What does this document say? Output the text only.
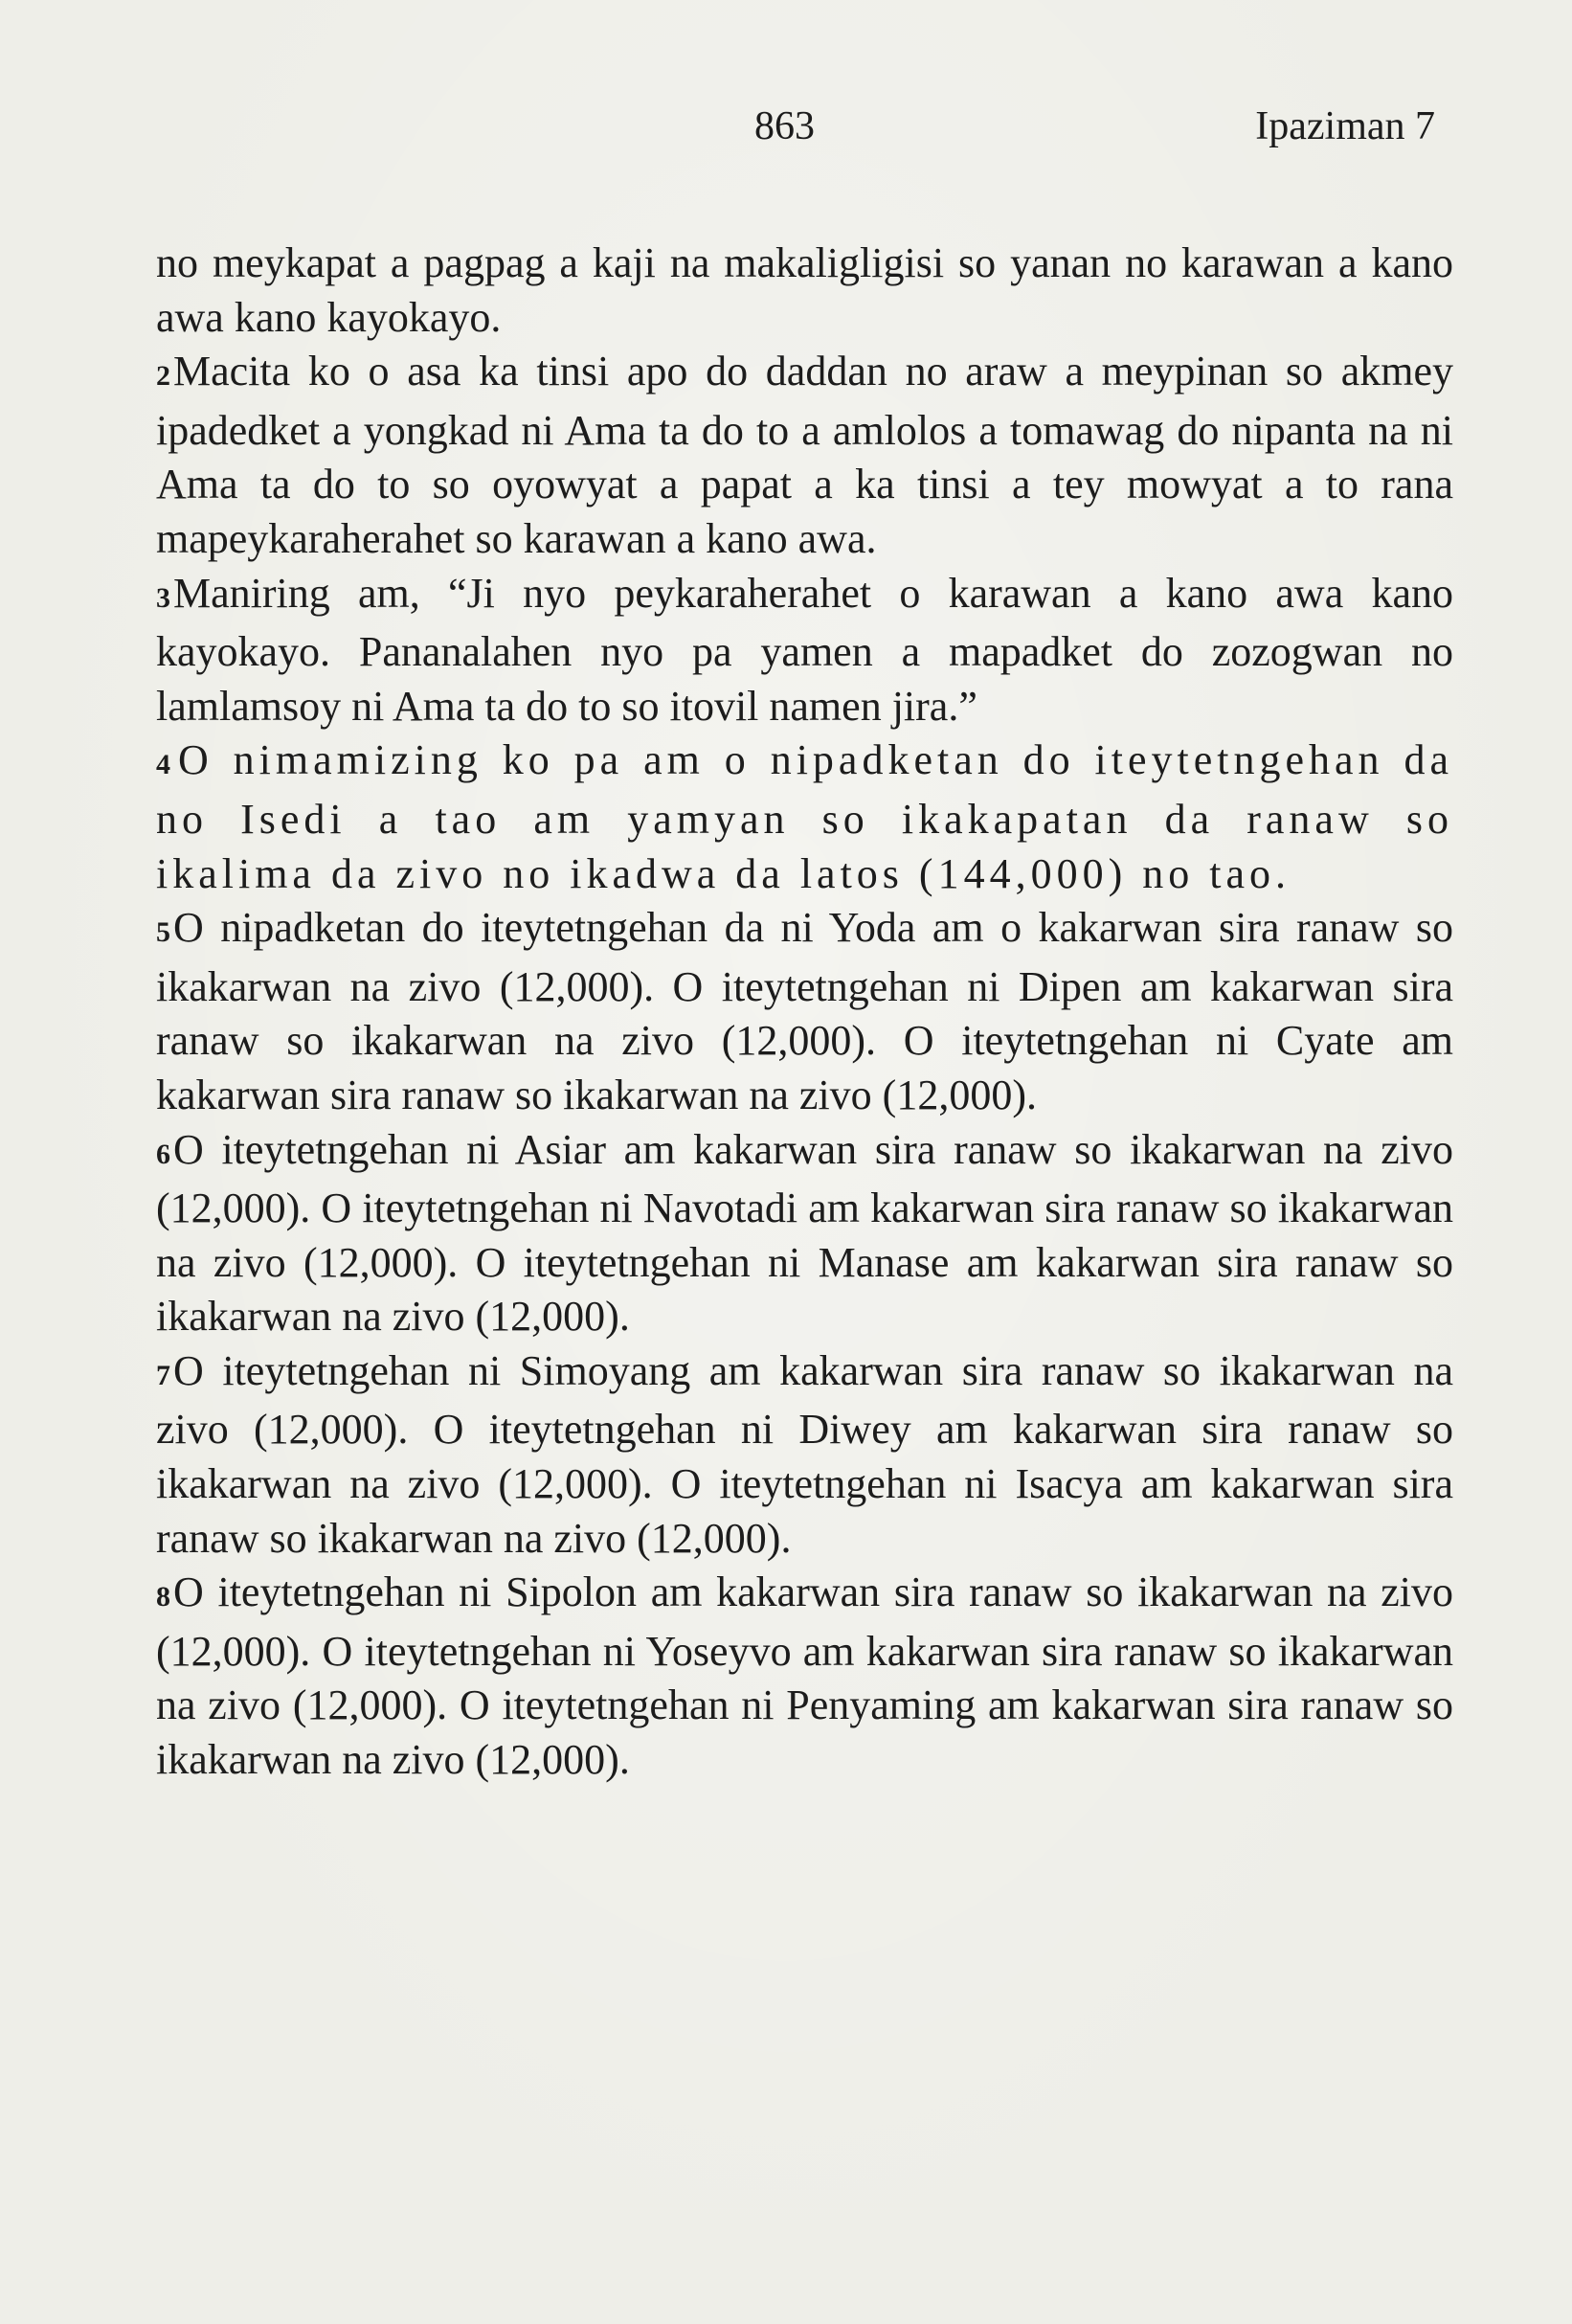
863	Ipaziman 7

no meykapat a pagpag a kaji na makaligligisi so yanan no karawan a kano awa kano kayokayo.

2Macita ko o asa ka tinsi apo do daddan no araw a meypinan so akmey ipadedket a yongkad ni Ama ta do to a amlolos a tomawag do nipanta na ni Ama ta do to so oyowyat a papat a ka tinsi a tey mowyat a to rana mapeykaraherahet so karawan a kano awa.

3Maniring am, “Ji nyo peykaraherahet o karawan a kano awa kano kayokayo. Pananalahen nyo pa yamen a mapadket do zozogwan no lamlamsoy ni Ama ta do to so itovil namen jira.”

4O nimamizing ko pa am o nipadketan do iteytetngehan da no Isedi a tao am yamyan so ikakapatan da ranaw so ikalima da zivo no ikadwa da latos (144,000) no tao.

5O nipadketan do iteytetngehan da ni Yoda am o kakarwan sira ranaw so ikakarwan na zivo (12,000). O iteytetngehan ni Dipen am kakarwan sira ranaw so ikakarwan na zivo (12,000). O iteytetngehan ni Cyate am kakarwan sira ranaw so ikakarwan na zivo (12,000).

6O iteytetngehan ni Asiar am kakarwan sira ranaw so ikakarwan na zivo (12,000). O iteytetngehan ni Navotadi am kakarwan sira ranaw so ikakarwan na zivo (12,000). O iteytetngehan ni Manase am kakarwan sira ranaw so ikakarwan na zivo (12,000).

7O iteytetngehan ni Simoyang am kakarwan sira ranaw so ikakarwan na zivo (12,000). O iteytetngehan ni Diwey am kakarwan sira ranaw so ikakarwan na zivo (12,000). O iteytetngehan ni Isacya am kakarwan sira ranaw so ikakarwan na zivo (12,000).

8O iteytetngehan ni Sipolon am kakarwan sira ranaw so ikakarwan na zivo (12,000). O iteytetngehan ni Yoseyvo am kakarwan sira ranaw so ikakarwan na zivo (12,000). O iteytetngehan ni Penyaming am kakarwan sira ranaw so ikakarwan na zivo (12,000).
